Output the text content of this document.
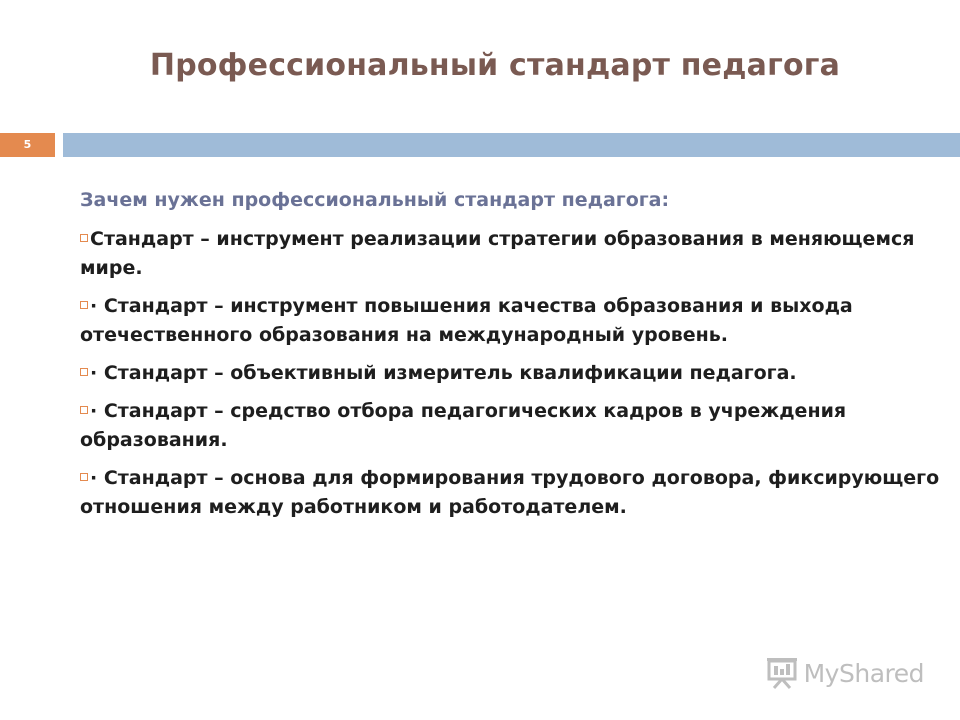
Профессиональный стандарт педагога
5
Зачем нужен профессиональный стандарт педагога:
Стандарт – инструмент реализации стратегии образования в меняющемся мире.
· Стандарт – инструмент повышения качества образования и выхода отечественного образования на международный уровень.
· Стандарт – объективный измеритель квалификации педагога.
· Стандарт – средство отбора педагогических кадров в учреждения образования.
· Стандарт – основа для формирования трудового договора, фиксирующего отношения между работником и работодателем.
MyShared
